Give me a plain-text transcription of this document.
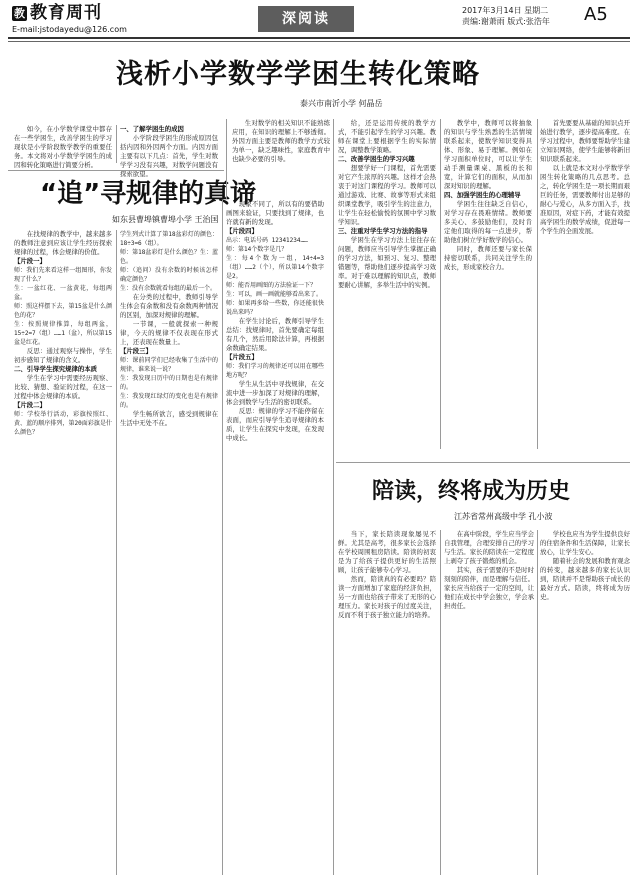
教 教育周刊
E-mail:jstodayedu@126.com
深阅读
2017年3月14日 星期二
责编:谢萧雨 版式:张浩年 A5
浅析小学数学学困生转化策略
泰兴市南沂小学 何晶岳

如今，在小学数学课堂中都存在一些学困生，改善学困生的学习现状是小学阶段数学教学的重要任务。本文将对小学数学学困生的成因和转化策略进行简要分析。

一、了解学困生的成因

小学阶段学困生的形成原因包括内因和外因两个方面。内因方面主要有以下几点：首先，学生对数学学习没有兴趣，对数学问题没有探索欲望。

生对数学的相关知识不能熟练应用，在知识的理解上不够透彻。外因方面主要是教师的教学方式较为单一，缺乏趣味性，家庭教育中也缺少必要的引导。

给，还是运用传统的教学方式，不能引起学生的学习兴趣。教师在课堂上要根据学生的实际情况，调整教学策略。

二、改善学困生的学习兴趣

想要学好一门课程，首先需要对它产生浓厚的兴趣。这样才会热衷于对这门课程的学习。教师可以通过游戏、比赛、故事等形式来组织课堂教学，吸引学生的注意力，让学生在轻松愉悦的氛围中学习数学知识。

三、注重对学生学习方法的指导

学困生在学习方法上往往存在问题，教师应当引导学生掌握正确的学习方法，如预习、复习、整理错题等，帮助他们逐步提高学习效率。对于难以理解的知识点，教师要耐心讲解，多举生活中的实例。

教学中，教师可以将抽象的知识与学生熟悉的生活情境联系起来，使数学知识变得具体、形象、易于理解。例如在学习面积单位时，可以让学生动手测量课桌、黑板的长和宽，计算它们的面积，从而加深对知识的理解。

四、加强学困生的心理辅导

学困生往往缺乏自信心，对学习存在畏难情绪。教师要多关心、多鼓励他们，及时肯定他们取得的每一点进步，帮助他们树立学好数学的信心。

同时，教师还要与家长保持密切联系，共同关注学生的成长，形成家校合力。

首先要要从基础的知识点开始进行教学，逐步提高难度。在学习过程中，教师要帮助学生建立知识网络，使学生能够将新旧知识联系起来。

以上就是本文对小学数学学困生转化策略的几点思考。总之，转化学困生是一项长期而艰巨的任务，需要教师付出足够的耐心与爱心，从多方面入手，找准原因，对症下药，才能有效提高学困生的数学成绩，促进每一个学生的全面发展。

“追”寻规律的真谛
如东县曹埠镇曹埠小学 王治国

在找规律的教学中，越来越多的教师注意到应该让学生经历探索规律的过程，体会规律的价值。

【片段一】

师：我们先来看这样一组图形，你发现了什么？

生：一盆红花、一盆黄花，每组两盆。

师：照这样摆下去，第15盆是什么颜色的花？

生：按照规律推算，每组两盆，15÷2=7（组）……1（盆），所以第15盆是红花。

反思：通过观察与操作，学生初步感知了规律的含义。

二、引导学生探究规律的本质

学生在学习中需要经历观察、比较、猜想、验证的过程，在这一过程中体会规律的本质。

【片段二】

师：学校举行活动，彩旗按照红、黄、蓝的顺序排列，第20面彩旗是什么颜色？

学生列式计算了第18盆彩灯的颜色：18÷3=6（组）。

师：第18盆彩灯是什么颜色？生：蓝色。

师：（追问）没有余数的时候该怎样确定颜色？

生：没有余数就看每组的最后一个。

在分类的过程中，教师引导学生体会有余数和没有余数两种情况的区别，加深对规律的理解。

一节课，一般就探索一种规律，今天的规律不仅表现在形式上，还表现在数量上。

【片段三】

师：课前同学们已经收集了生活中的规律，谁来说一说？

生：我发现日历中的日期也是有规律的。

生：我发现红绿灯的变化也是有规律的。

学生畅所欲言，感受到规律在生活中无处不在。

现象不同了，所以有的要借助画图来验证，只要找到了规律，也许就有新的发现。

【片段四】

出示：电话号码 12341234……

师：第14个数字是几？

生：每4个数为一组，14÷4=3（组）……2（个），所以第14个数字是2。

师：能否用画图的方法验证一下？

生：可以，画一画就能够看出来了。

师：如果再多给一些数，你还能很快说出来吗？

在学生讨论后，教师引导学生总结：找规律时，首先要确定每组有几个，然后用除法计算，再根据余数确定结果。

【片段五】

师：我们学习的规律还可以用在哪些地方呢？

学生从生活中寻找规律，在交流中进一步加深了对规律的理解，体会到数学与生活的密切联系。

反思：规律的学习不能停留在表面，而应引导学生追寻规律的本质，让学生在探究中发现，在发现中成长。

陪读，终将成为历史
江苏省常州高级中学 孔小波

当下，家长陪读现象屡见不鲜。尤其是高考，很多家长会选择在学校周围租房陪读。陪读的初衷是为了给孩子提供更好的生活照顾，让孩子能够专心学习。

然而，陪读真的有必要吗？陪读一方面增加了家庭的经济负担，另一方面也给孩子带来了无形的心理压力。家长对孩子的过度关注，反而不利于孩子独立能力的培养。

在高中阶段，学生应当学会自我管理，合理安排自己的学习与生活。家长的陪读在一定程度上剥夺了孩子锻炼的机会。

其实，孩子需要的不是时时刻刻的陪伴，而是理解与信任。家长应当给孩子一定的空间，让他们在成长中学会独立，学会承担责任。

学校也应当为学生提供良好的住宿条件和生活保障，让家长放心，让学生安心。

随着社会的发展和教育观念的转变，越来越多的家长认识到，陪读并不是帮助孩子成长的最好方式。陪读，终将成为历史。
